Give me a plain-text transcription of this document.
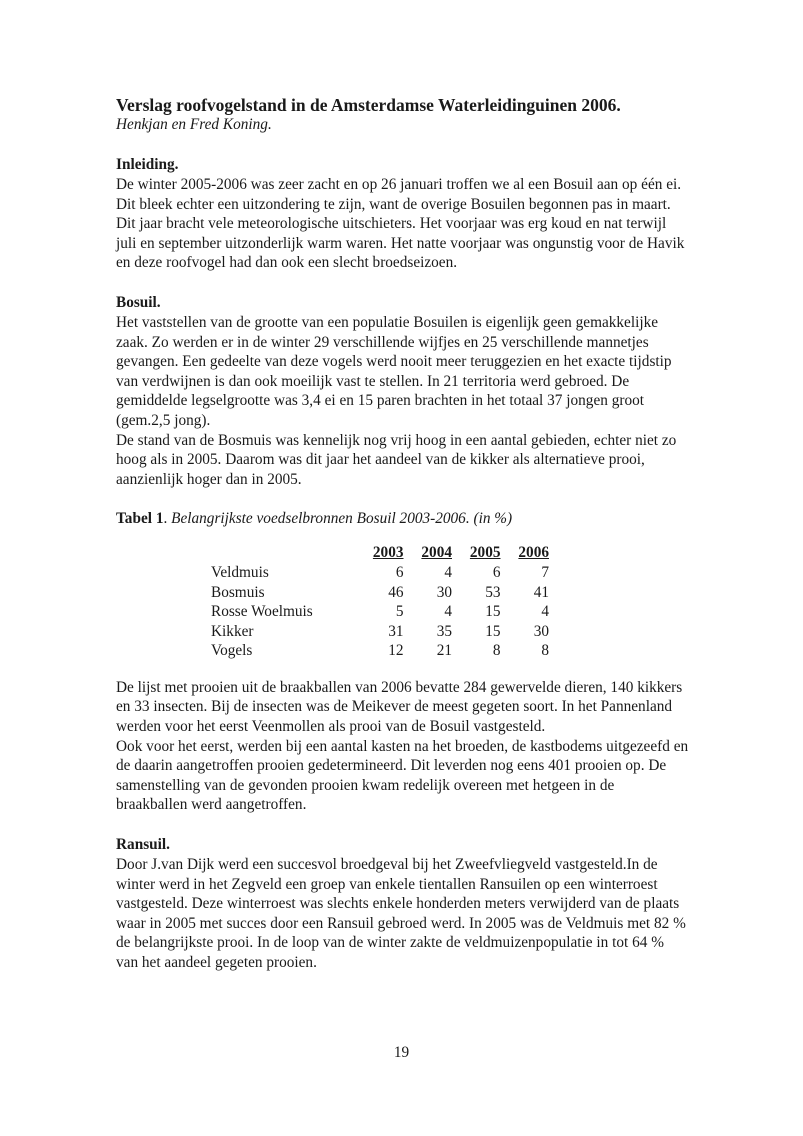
Verslag roofvogelstand in de Amsterdamse Waterleidinguinen 2006.

Henkjan en Fred Koning.

Inleiding.

De winter 2005-2006 was zeer zacht en op 26 januari troffen we al een Bosuil aan op één ei.
Dit bleek echter een uitzondering te zijn, want de overige Bosuilen begonnen pas in maart.
Dit jaar bracht vele meteorologische uitschieters. Het voorjaar was erg koud en nat terwijl
juli en september uitzonderlijk warm waren. Het natte voorjaar was ongunstig voor de Havik
en deze roofvogel had dan ook een slecht broedseizoen.

Bosuil.

Het vaststellen van de grootte van een populatie Bosuilen is eigenlijk geen gemakkelijke
zaak. Zo werden er in de winter 29 verschillende wijfjes en 25 verschillende mannetjes
gevangen. Een gedeelte van deze vogels werd nooit meer teruggezien en het exacte tijdstip
van verdwijnen is dan ook moeilijk vast te stellen. In 21 territoria werd gebroed. De
gemiddelde legselgrootte was 3,4 ei en 15 paren brachten in het totaal 37 jongen groot
(gem.2,5 jong).
De stand van de Bosmuis was kennelijk nog vrij hoog in een aantal gebieden, echter niet zo
hoog als in 2005. Daarom was dit jaar het aandeel van de kikker als alternatieve prooi,
aanzienlijk hoger dan in 2005.

Tabel 1. Belangrijkste voedselbronnen Bosuil 2003-2006. (in %)

	2003	2004	2005	2006
Veldmuis	6	4	6	7
Bosmuis	46	30	53	41
Rosse Woelmuis	5	4	15	4
Kikker	31	35	15	30
Vogels	12	21	8	8

De lijst met prooien uit de braakballen van 2006 bevatte 284 gewervelde dieren, 140 kikkers
en 33 insecten. Bij de insecten was de Meikever de meest gegeten soort. In het Pannenland
werden voor het eerst Veenmollen als prooi van de Bosuil vastgesteld.
Ook voor het eerst, werden bij een aantal kasten na het broeden, de kastbodems uitgezeefd en
de daarin aangetroffen prooien gedetermineerd. Dit leverden nog eens 401 prooien op. De
samenstelling van de gevonden prooien kwam redelijk overeen met hetgeen in de
braakballen werd aangetroffen.

Ransuil.

Door J.van Dijk werd een succesvol broedgeval bij het Zweefvliegveld vastgesteld.In de
winter werd in het Zegveld een groep van enkele tientallen Ransuilen op een winterroest
vastgesteld. Deze winterroest was slechts enkele honderden meters verwijderd van de plaats
waar in 2005 met succes door een Ransuil gebroed werd. In 2005 was de Veldmuis met 82 %
de belangrijkste prooi. In de loop van de winter zakte de veldmuizenpopulatie in tot 64 %
van het aandeel gegeten prooien.

19
